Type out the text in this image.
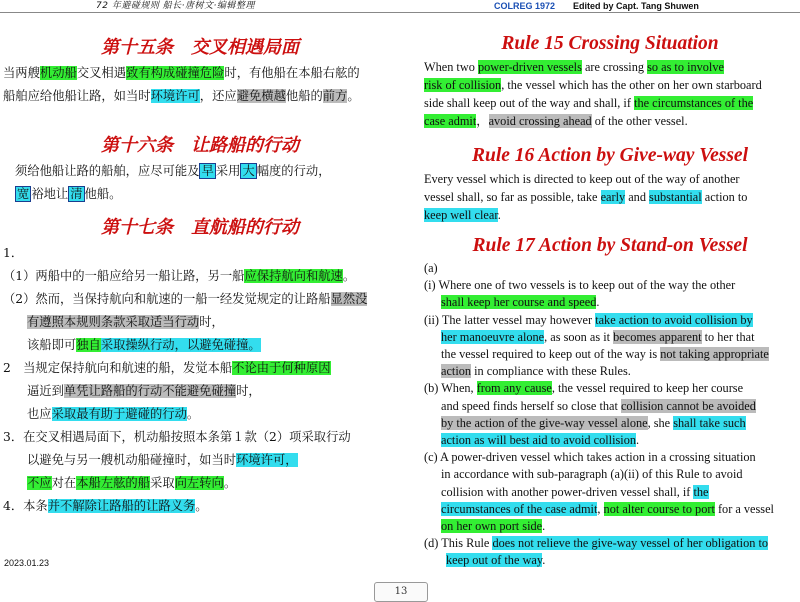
72 年避碰规则 船长·唐树文·编辑整理	COLREG 1972 Edited by Capt. Tang Shuwen

第十五条　交叉相遇局面

当两艘机动船交叉相遇致有构成碰撞危险时，有他船在本船右舷的
船舶应给他船让路，如当时环境许可，还应避免横越他船的前方。

第十六条　让路船的行动

须给他船让路的船舶，应尽可能及 早 采用 大 幅度的行动，
宽 裕地让 清 他船。

第十七条　直航船的行动

1．
（1）两船中的一船应给另一船让路，另一船应保持航向和航速。
（2）然而，当保持航向和航速的一船一经发觉规定的让路船显然没
有遵照本规则条款采取适当行动时，
该船即可独自采取操纵行动，以避免碰撞。
2　当规定保持航向和航速的船，发觉本船不论由于何种原因
逼近到单凭让路船的行动不能避免碰撞时，
也应采取最有助于避碰的行动。
3．在交叉相遇局面下，机动船按照本条第１款（2）项采取行动
以避免与另一艘机动船碰撞时，如当时环境许可，
不应对在本船左舷的船采取向左转向。
4．本条并不解除让路船的让路义务。

Rule 15 Crossing Situation

When two power-driven vessels are crossing so as to involve
risk of collision, the vessel which has the other on her own starboard
side shall keep out of the way and shall, if the circumstances of the
case admit，avoid crossing ahead of the other vessel.

Rule 16 Action by Give-way Vessel

Every vessel which is directed to keep out of the way of another
vessel shall, so far as possible, take early and substantial action to
keep well clear.

Rule 17 Action by Stand-on Vessel

(a)
(i) Where one of two vessels is to keep out of the way the other
shall keep her course and speed.
(ii) The latter vessel may however take action to avoid collision by
her manoeuvre alone, as soon as it becomes apparent to her that
the vessel required to keep out of the way is not taking appropriate
action in compliance with these Rules.
(b) When, from any cause, the vessel required to keep her course
and speed finds herself so close that collision cannot be avoided
by the action of the give-way vessel alone, she shall take such
action as will best aid to avoid collision.
(c) A power-driven vessel which takes action in a crossing situation
in accordance with sub-paragraph (a)(ii) of this Rule to avoid
collision with another power-driven vessel shall, if the
circumstances of the case admit, not alter course to port for a vessel
on her own port side.
(d) This Rule does not relieve the give-way vessel of her obligation to
keep out of the way.
2023.01.23
13
